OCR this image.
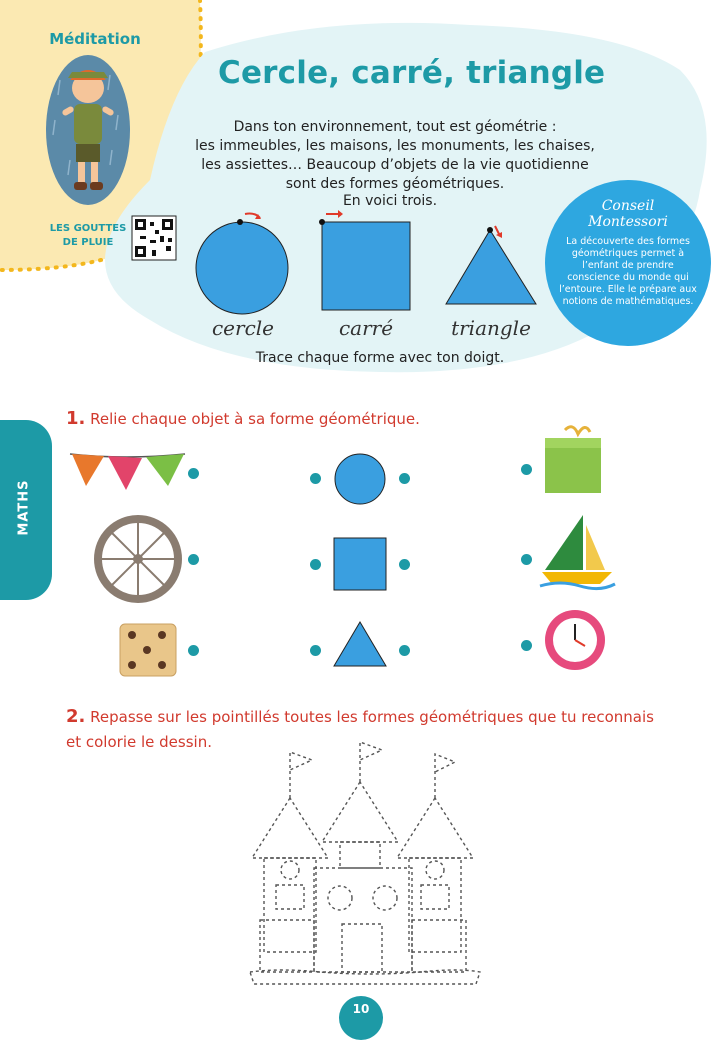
Méditation
LES GOUTTES
DE PLUIE
Cercle, carré, triangle
Dans ton environnement, tout est géométrie :
les immeubles, les maisons, les monuments, les chaises,
les assiettes… Beaucoup d’objets de la vie quotidienne
sont des formes géométriques.
En voici trois.
cercle	carré	triangle
Trace chaque forme avec ton doigt.
Conseil
Montessori
La découverte des formes géométriques permet à l’enfant de prendre conscience du monde qui l’entoure. Elle le prépare aux notions de mathématiques.
MATHS
1. Relie chaque objet à sa forme géométrique.
2. Repasse sur les pointillés toutes les formes géométriques que tu reconnais
et colorie le dessin.
10
